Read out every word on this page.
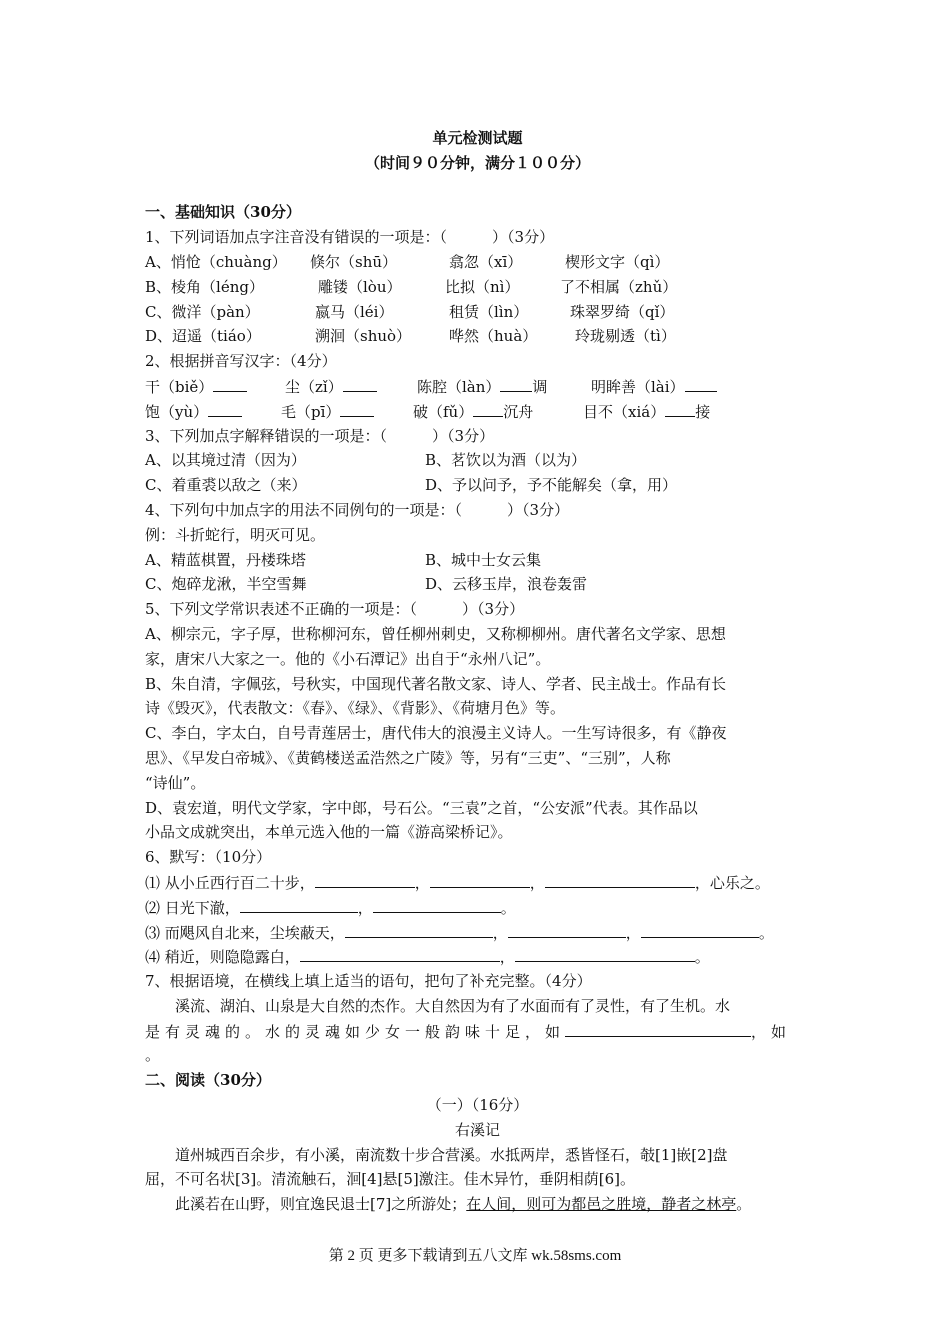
单元检测试题
（时间９０分钟，满分１００分）
一、基础知识（30分）
1、下列词语加点字注音没有错误的一项是：（　　　）（3分）
A、悄怆（chuàng） 倏尔（shū）	翕忽（xī）	楔形文字（qì）
B、棱角（léng）	雕镂（lòu）	比拟（nì）	了不相属（zhǔ）
C、微洋（pàn）	嬴马（léi）	租赁（lìn）	珠翠罗绮（qǐ）
D、迢遥（tiáo）	溯洄（shuò）	哗然（huà）	玲珑剔透（tì）
2、根据拼音写汉字：（4分）
干（biě）	尘（zǐ）	陈腔（làn） 调	明眸善（lài）
饱（yù）	毛（pī）	破（fǔ） 沉舟	目不（xiá） 接
3、下列加点字解释错误的一项是：（　　　）（3分）
A、以其境过清（因为）	B、茗饮以为酒（以为）
C、着重裘以敌之（来）	D、予以问予，予不能解矣（拿，用）
4、下列句中加点字的用法不同例句的一项是：（　　　）（3分）
例：斗折蛇行，明灭可见。
A、精蓝棋置，丹楼珠塔	B、城中士女云集
C、炮碎龙湫，半空雪舞	D、云移玉岸，浪卷轰雷
5、下列文学常识表述不正确的一项是：（　　　）（3分）
A、柳宗元，字子厚，世称柳河东，曾任柳州刺史，又称柳柳州。唐代著名文学家、思想
家，唐宋八大家之一。他的《小石潭记》出自于“永州八记”。
B、朱自清，字佩弦，号秋实，中国现代著名散文家、诗人、学者、民主战士。作品有长
诗《毁灭》，代表散文：《春》、《绿》、《背影》、《荷塘月色》等。
C、李白，字太白，自号青莲居士，唐代伟大的浪漫主义诗人。一生写诗很多，有《静夜
思》、《早发白帝城》、《黄鹤楼送孟浩然之广陵》等，另有“三吏”、“三别”，人称
“诗仙”。
D、袁宏道，明代文学家，字中郎，号石公。“三袁”之首，“公安派”代表。其作品以
小品文成就突出，本单元选入他的一篇《游高梁桥记》。
6、默写：（10分）
⑴ 从小丘西行百二十步，	，	，	，心乐之。
⑵ 日光下澈，	，	。
⑶ 而飓风自北来，尘埃蔽天，	，	，	。
⑷ 稍近，则隐隐露白，	，	。
7、根据语境，在横线上填上适当的语句，把句了补充完整。（4分）
溪流、湖泊、山泉是大自然的杰作。大自然因为有了水面而有了灵性，有了生机。水
是有灵魂的。水的灵魂如少女一般韵味十足，如	，如
。
二、阅读（30分）
（一）（16分）
右溪记
道州城西百余步，有小溪，南流数十步合营溪。水抵两岸，悉皆怪石，攲[1]嵌[2]盘
屈，不可名状[3]。清流触石，洄[4]悬[5]激注。佳木异竹，垂阴相荫[6]。
此溪若在山野，则宜逸民退士[7]之所游处；在人间，则可为都邑之胜境，静者之林亭。
第 2 页 更多下载请到五八文库 wk.58sms.com
